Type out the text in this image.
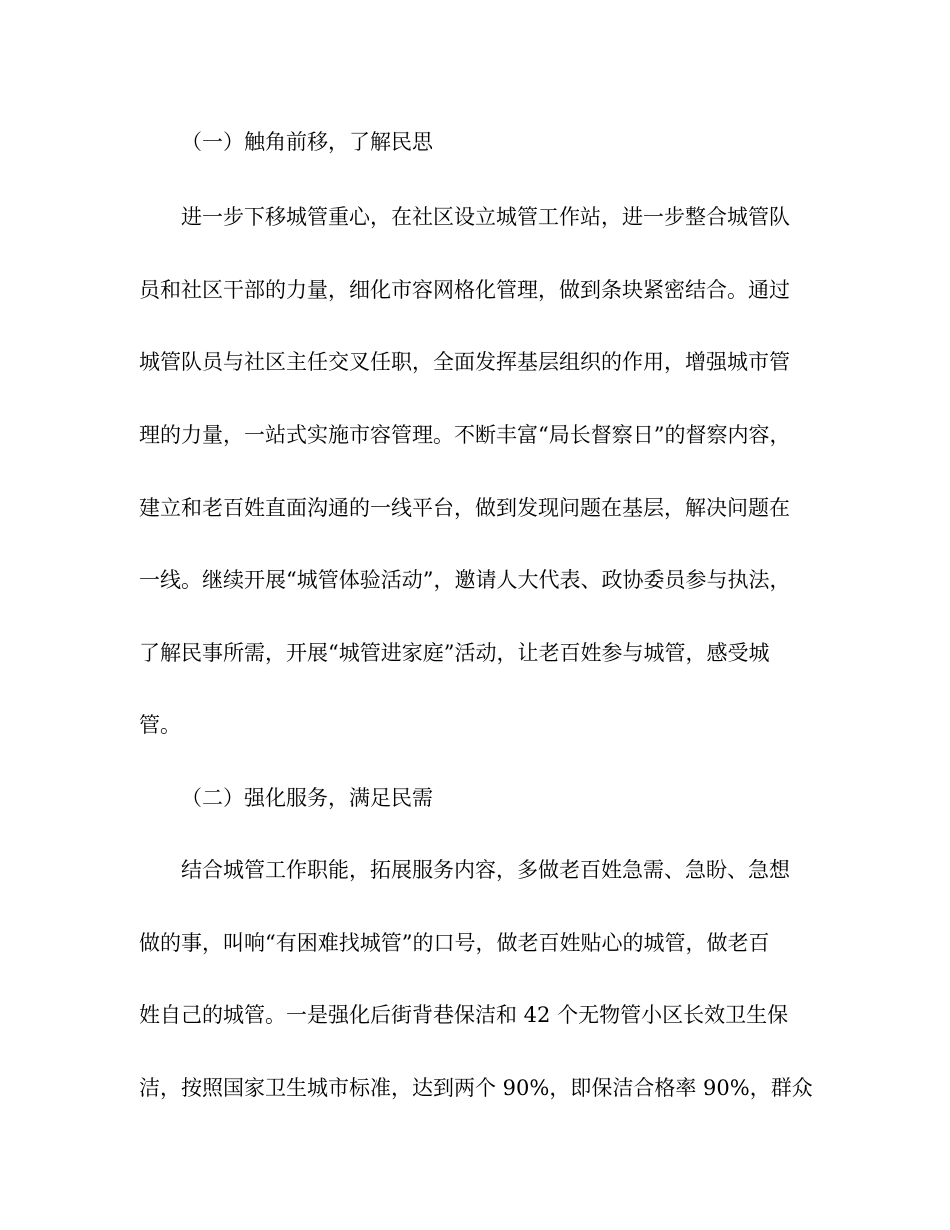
（一）触角前移，了解民思
进一步下移城管重心，在社区设立城管工作站，进一步整合城管队
员和社区干部的力量，细化市容网格化管理，做到条块紧密结合。通过
城管队员与社区主任交叉任职，全面发挥基层组织的作用，增强城市管
理的力量，一站式实施市容管理。不断丰富“局长督察日”的督察内容，
建立和老百姓直面沟通的一线平台，做到发现问题在基层，解决问题在
一线。继续开展“城管体验活动”，邀请人大代表、政协委员参与执法，
了解民事所需，开展“城管进家庭”活动，让老百姓参与城管，感受城
管。
（二）强化服务，满足民需
结合城管工作职能，拓展服务内容，多做老百姓急需、急盼、急想
做的事，叫响“有困难找城管”的口号，做老百姓贴心的城管，做老百
姓自己的城管。一是强化后街背巷保洁和 42 个无物管小区长效卫生保
洁，按照国家卫生城市标准，达到两个 90%，即保洁合格率 90%，群众
